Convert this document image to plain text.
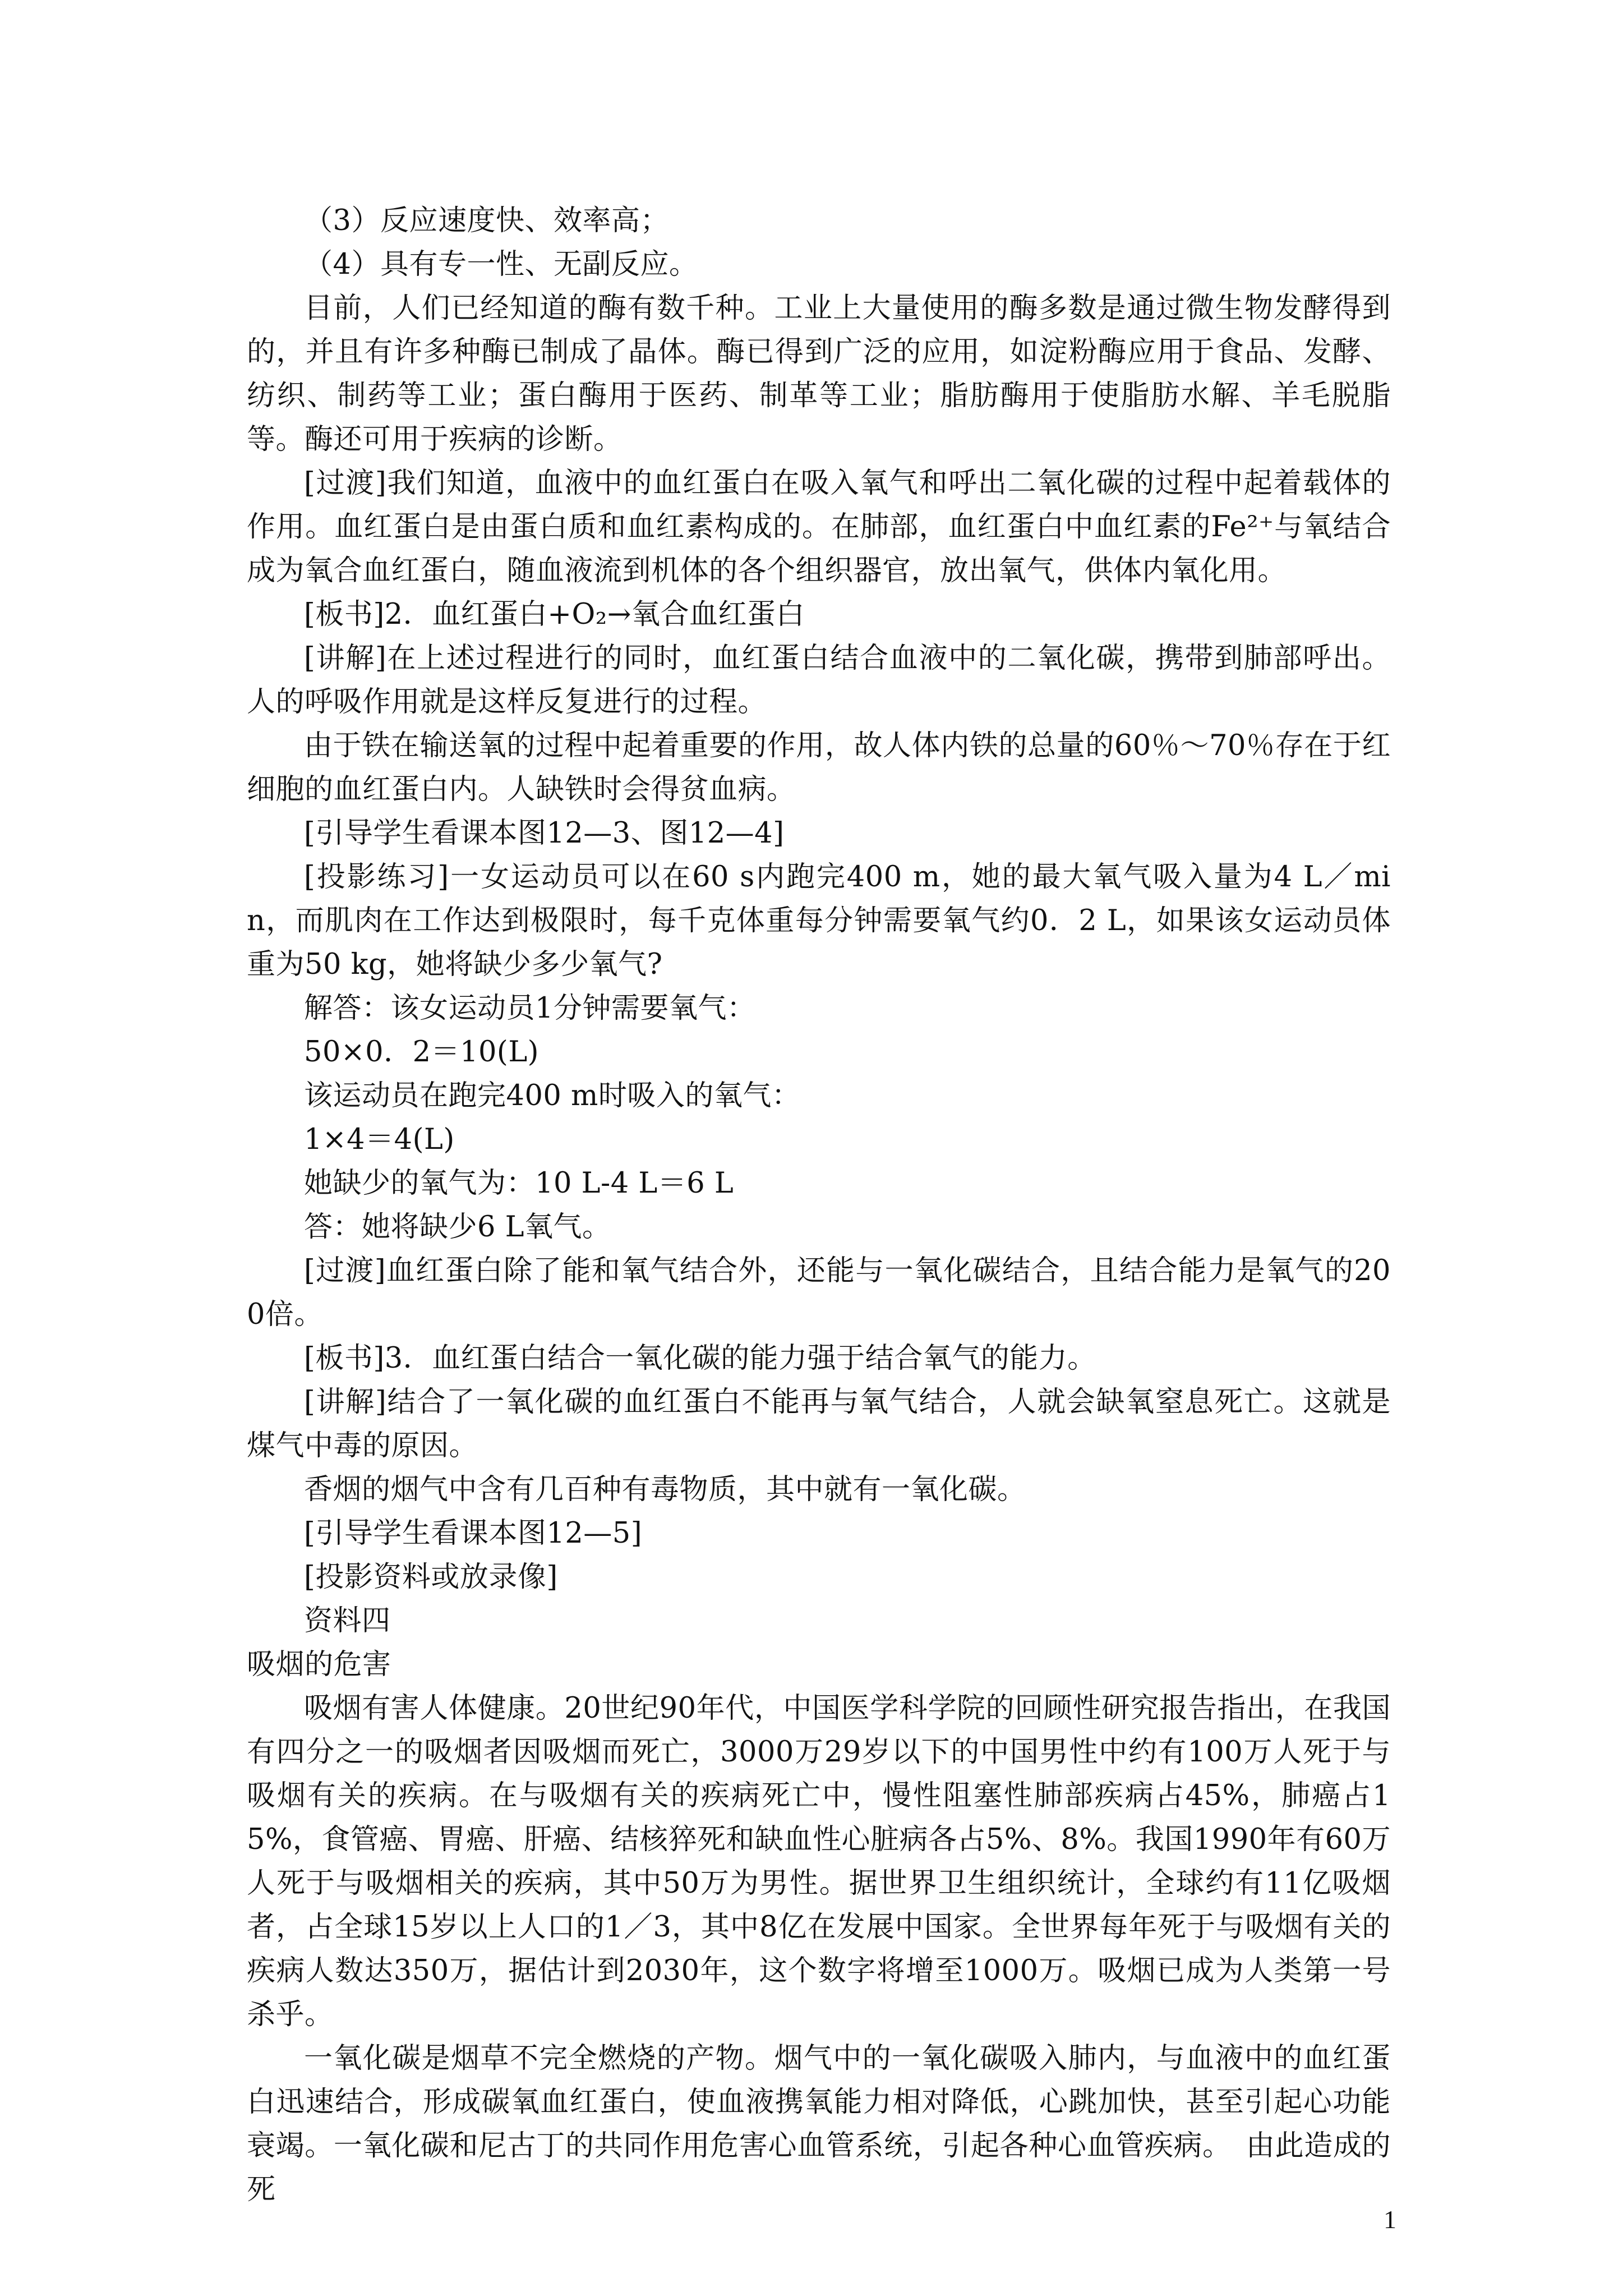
（3）反应速度快、效率高；

（4）具有专一性、无副反应。

目前，人们已经知道的酶有数千种。工业上大量使用的酶多数是通过微生物发酵得到的，并且有许多种酶已制成了晶体。酶已得到广泛的应用，如淀粉酶应用于食品、发酵、纺织、制药等工业；蛋白酶用于医药、制革等工业；脂肪酶用于使脂肪水解、羊毛脱脂等。酶还可用于疾病的诊断。

[过渡]我们知道，血液中的血红蛋白在吸入氧气和呼出二氧化碳的过程中起着载体的作用。血红蛋白是由蛋白质和血红素构成的。在肺部，血红蛋白中血红素的Fe²⁺与氧结合成为氧合血红蛋白，随血液流到机体的各个组织器官，放出氧气，供体内氧化用。

[板书]2．血红蛋白+O₂→氧合血红蛋白

[讲解]在上述过程进行的同时，血红蛋白结合血液中的二氧化碳，携带到肺部呼出。人的呼吸作用就是这样反复进行的过程。

由于铁在输送氧的过程中起着重要的作用，故人体内铁的总量的60％～70％存在于红细胞的血红蛋白内。人缺铁时会得贫血病。

[引导学生看课本图12—3、图12—4]

[投影练习]一女运动员可以在60 s内跑完400 m，她的最大氧气吸入量为4 L／min，而肌肉在工作达到极限时，每千克体重每分钟需要氧气约0．2 L，如果该女运动员体重为50 kg，她将缺少多少氧气?

解答：该女运动员1分钟需要氧气：

50×0．2＝10(L)

该运动员在跑完400 m时吸入的氧气：

1×4＝4(L)

她缺少的氧气为：10 L-4 L＝6 L

答：她将缺少6 L氧气。

[过渡]血红蛋白除了能和氧气结合外，还能与一氧化碳结合，且结合能力是氧气的200倍。

[板书]3．血红蛋白结合一氧化碳的能力强于结合氧气的能力。

[讲解]结合了一氧化碳的血红蛋白不能再与氧气结合，人就会缺氧窒息死亡。这就是煤气中毒的原因。

香烟的烟气中含有几百种有毒物质，其中就有一氧化碳。

[引导学生看课本图12—5]

[投影资料或放录像]

资料四

吸烟的危害

吸烟有害人体健康。20世纪90年代，中国医学科学院的回顾性研究报告指出，在我国有四分之一的吸烟者因吸烟而死亡，3000万29岁以下的中国男性中约有100万人死于与吸烟有关的疾病。在与吸烟有关的疾病死亡中，慢性阻塞性肺部疾病占45%，肺癌占15%，食管癌、胃癌、肝癌、结核猝死和缺血性心脏病各占5%、8%。我国1990年有60万人死于与吸烟相关的疾病，其中50万为男性。据世界卫生组织统计，全球约有11亿吸烟者，占全球15岁以上人口的1／3，其中8亿在发展中国家。全世界每年死于与吸烟有关的疾病人数达350万，据估计到2030年，这个数字将增至1000万。吸烟已成为人类第一号杀乎。

一氧化碳是烟草不完全燃烧的产物。烟气中的一氧化碳吸入肺内，与血液中的血红蛋白迅速结合，形成碳氧血红蛋白，使血液携氧能力相对降低，心跳加快，甚至引起心功能衰竭。一氧化碳和尼古丁的共同作用危害心血管系统，引起各种心血管疾病。　由此造成的死

1
